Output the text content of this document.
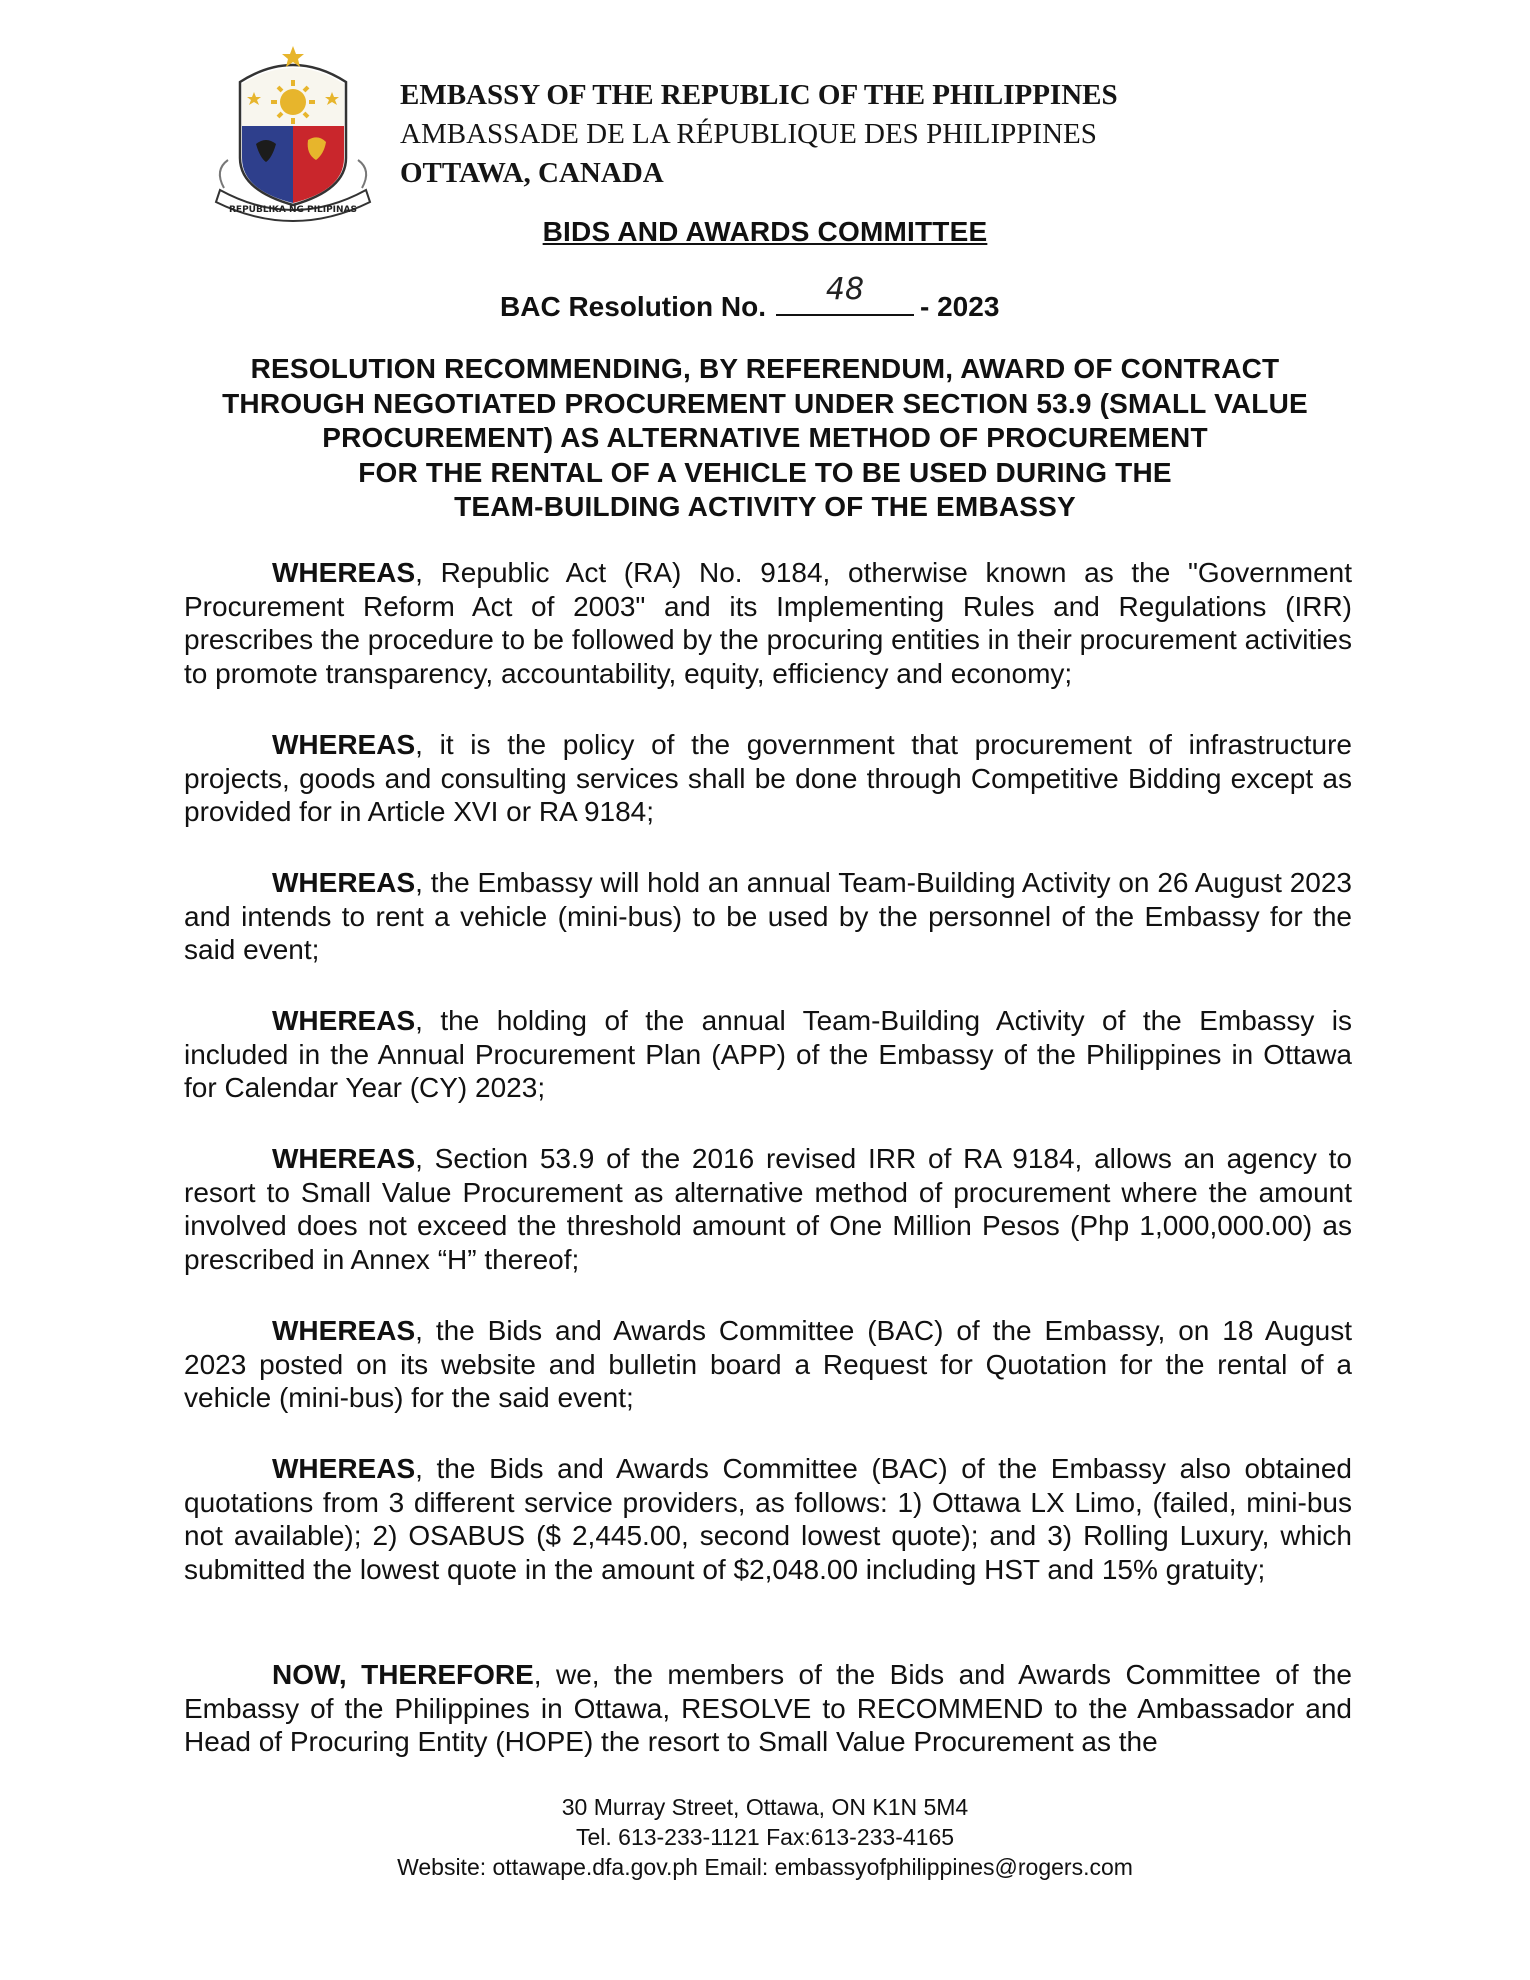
REPUBLIKA NG PILIPINAS
EMBASSY OF THE REPUBLIC OF THE PHILIPPINES
AMBASSADE DE LA RÉPUBLIQUE DES PHILIPPINES
OTTAWA, CANADA
BIDS AND AWARDS COMMITTEE
BAC Resolution No.	48	- 2023
RESOLUTION RECOMMENDING, BY REFERENDUM, AWARD OF CONTRACT
THROUGH NEGOTIATED PROCUREMENT UNDER SECTION 53.9 (SMALL VALUE
PROCUREMENT) AS ALTERNATIVE METHOD OF PROCUREMENT
FOR THE RENTAL OF A VEHICLE TO BE USED DURING THE
TEAM-BUILDING ACTIVITY OF THE EMBASSY

WHEREAS, Republic Act (RA) No. 9184, otherwise known as the "Government Procurement Reform Act of 2003" and its Implementing Rules and Regulations (IRR) prescribes the procedure to be followed by the procuring entities in their procurement activities to promote transparency, accountability, equity, efficiency and economy;

WHEREAS, it is the policy of the government that procurement of infrastructure projects, goods and consulting services shall be done through Competitive Bidding except as provided for in Article XVI or RA 9184;

WHEREAS, the Embassy will hold an annual Team-Building Activity on 26 August 2023 and intends to rent a vehicle (mini-bus) to be used by the personnel of the Embassy for the said event;

WHEREAS, the holding of the annual Team-Building Activity of the Embassy is included in the Annual Procurement Plan (APP) of the Embassy of the Philippines in Ottawa for Calendar Year (CY) 2023;

WHEREAS, Section 53.9 of the 2016 revised IRR of RA 9184, allows an agency to resort to Small Value Procurement as alternative method of procurement where the amount involved does not exceed the threshold amount of One Million Pesos (Php 1,000,000.00) as prescribed in Annex “H” thereof;

WHEREAS, the Bids and Awards Committee (BAC) of the Embassy, on 18 August 2023 posted on its website and bulletin board a Request for Quotation for the rental of a vehicle (mini-bus) for the said event;

WHEREAS, the Bids and Awards Committee (BAC) of the Embassy also obtained quotations from 3 different service providers, as follows: 1) Ottawa LX Limo, (failed, mini-bus not available); 2) OSABUS ($ 2,445.00, second lowest quote); and 3) Rolling Luxury, which submitted the lowest quote in the amount of $2,048.00 including HST and 15% gratuity;

NOW, THEREFORE, we, the members of the Bids and Awards Committee of the Embassy of the Philippines in Ottawa, RESOLVE to RECOMMEND to the Ambassador and Head of Procuring Entity (HOPE) the resort to Small Value Procurement as the

30 Murray Street, Ottawa, ON K1N 5M4
Tel. 613-233-1121 Fax:613-233-4165
Website: ottawape.dfa.gov.ph Email: embassyofphilippines@rogers.com
